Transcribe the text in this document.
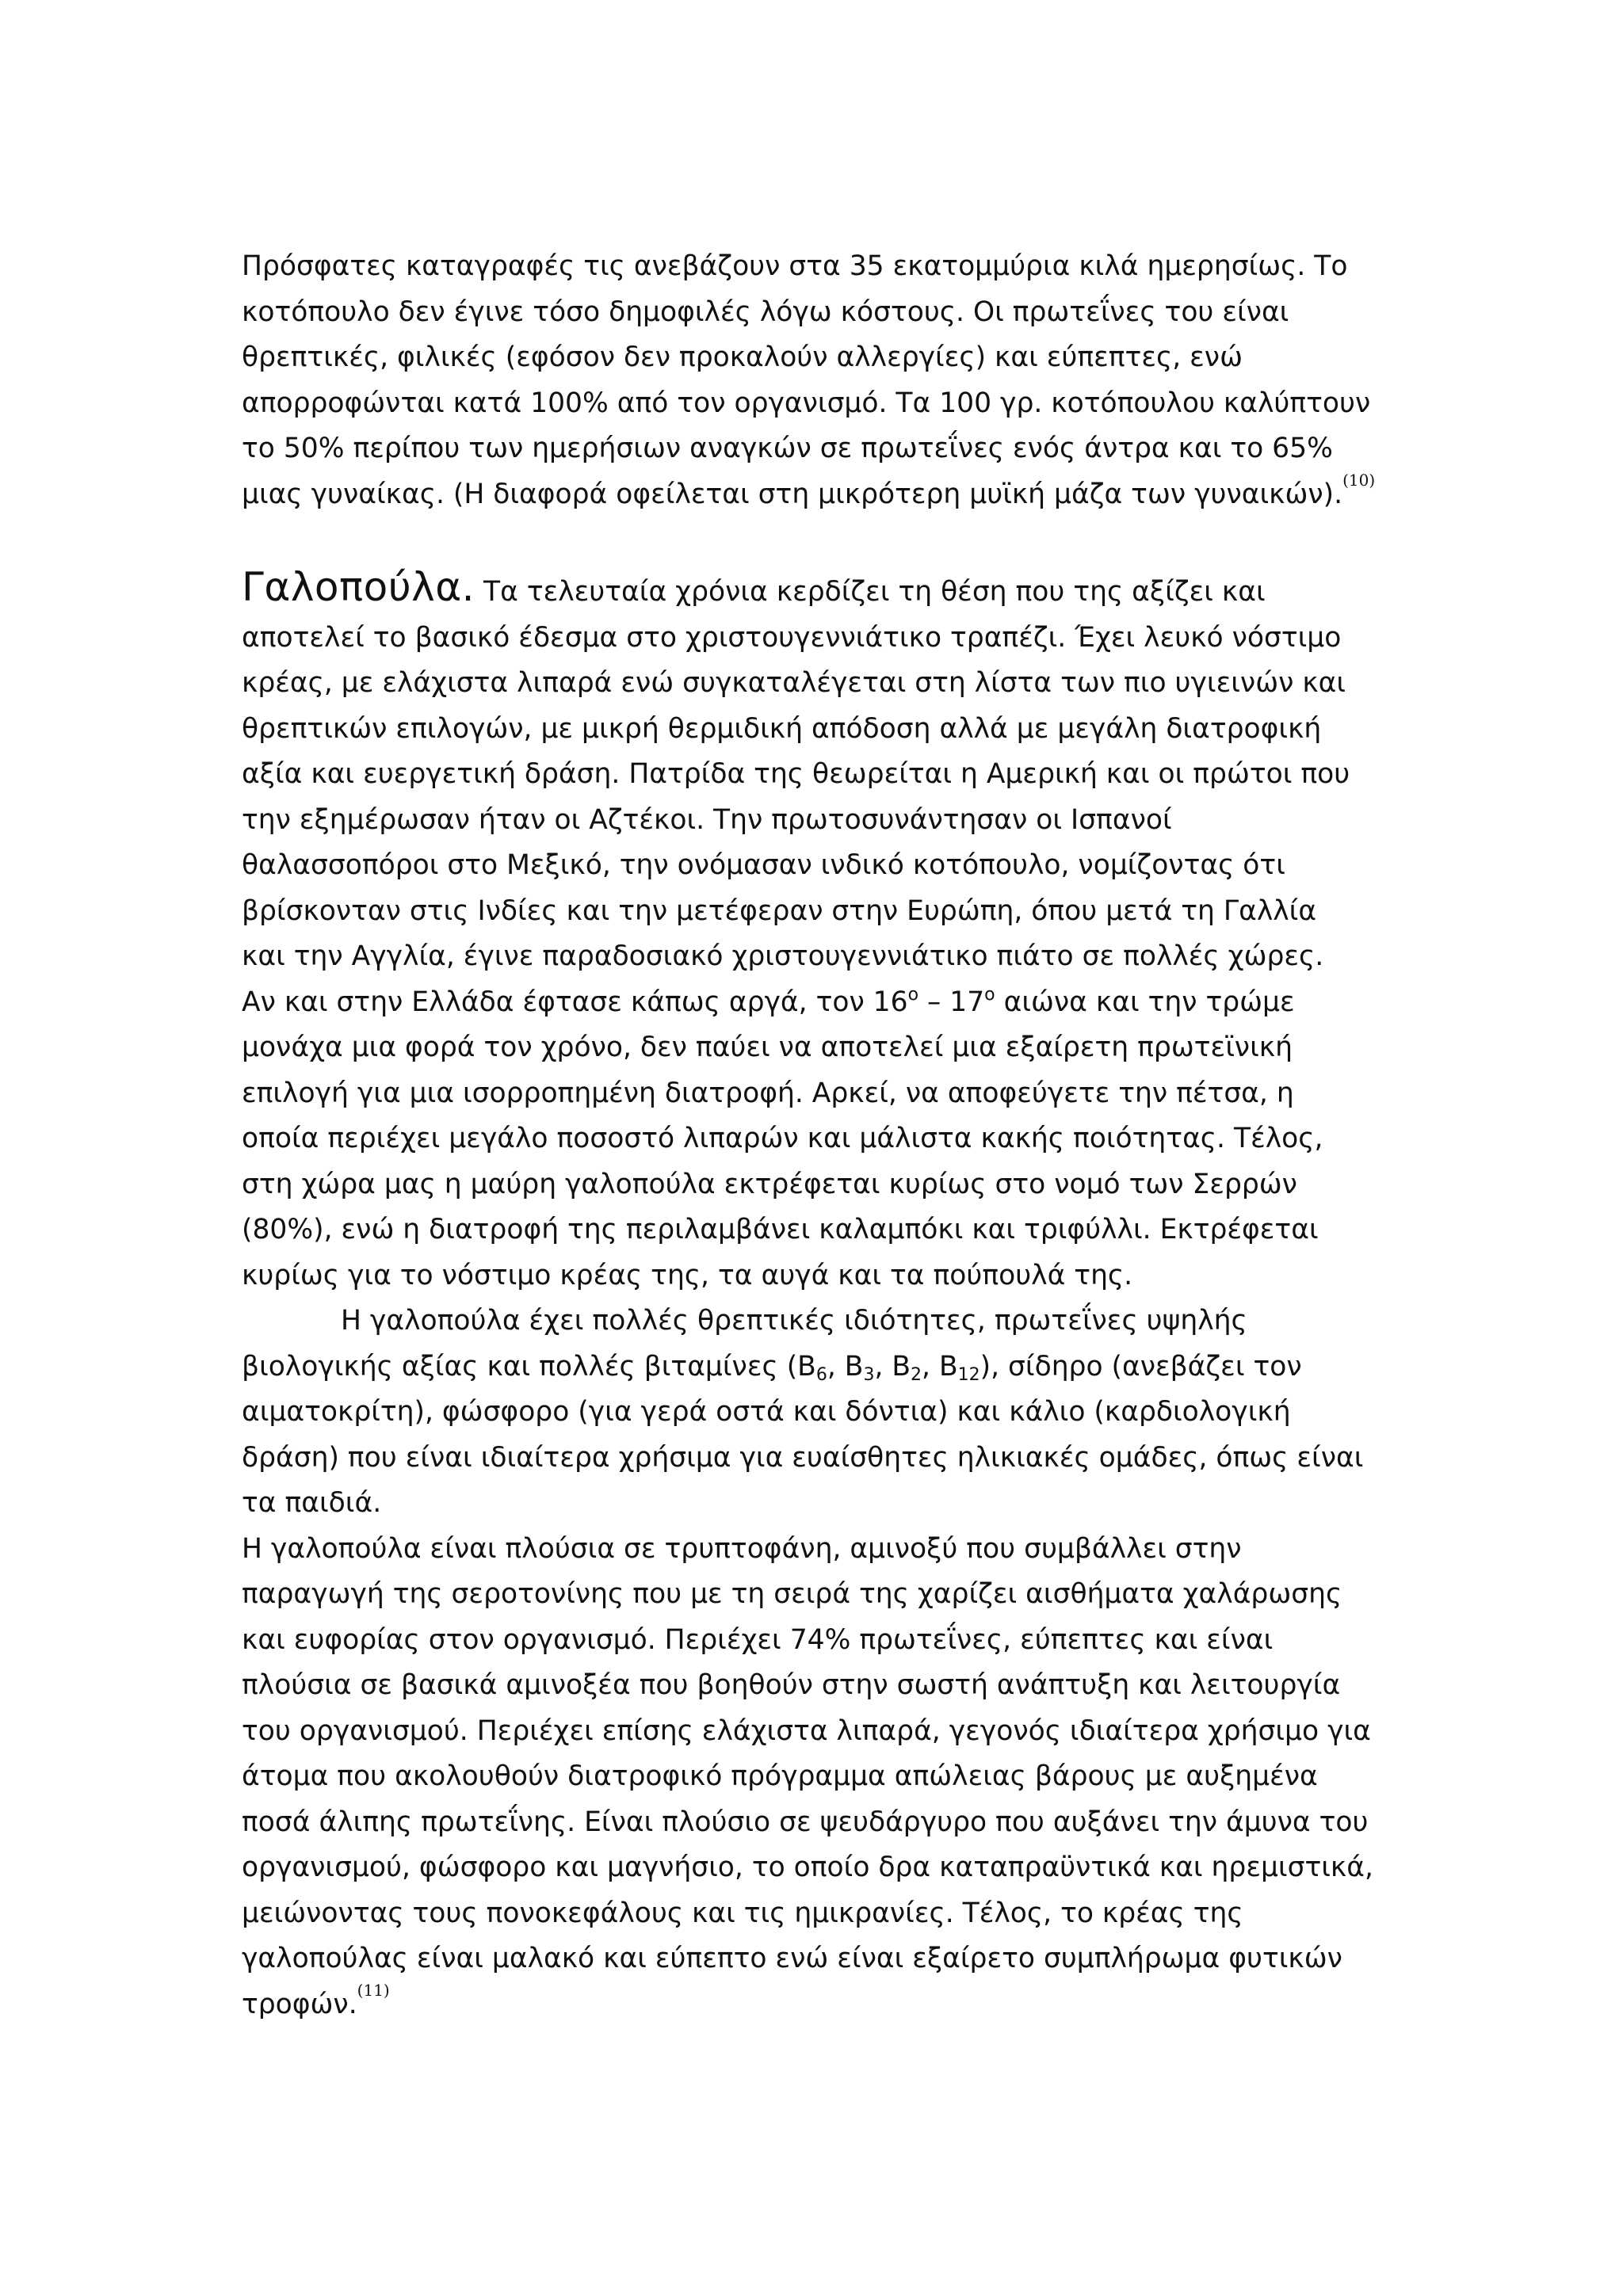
Πρόσφατες καταγραφές τις ανεβάζουν στα 35 εκατομμύρια κιλά ημερησίως. Το

κοτόπουλο δεν έγινε τόσο δημοφιλές λόγω κόστους. Οι πρωτεΐνες του είναι

θρεπτικές, φιλικές (εφόσον δεν προκαλούν αλλεργίες) και εύπεπτες, ενώ

απορροφώνται κατά 100% από τον οργανισμό. Τα 100 γρ. κοτόπουλου καλύπτουν

το 50% περίπου των ημερήσιων αναγκών σε πρωτεΐνες ενός άντρα και το 65%

μιας γυναίκας. (Η διαφορά οφείλεται στη μικρότερη μυϊκή μάζα των γυναικών).$^{(10)}$

Γαλοπούλα. Τα τελευταία χρόνια κερδίζει τη θέση που της αξίζει και

αποτελεί το βασικό έδεσμα στο χριστουγεννιάτικο τραπέζι. Έχει λευκό νόστιμο

κρέας, με ελάχιστα λιπαρά ενώ συγκαταλέγεται στη λίστα των πιο υγιεινών και

θρεπτικών επιλογών, με μικρή θερμιδική απόδοση αλλά με μεγάλη διατροφική

αξία και ευεργετική δράση. Πατρίδα της θεωρείται η Αμερική και οι πρώτοι που

την εξημέρωσαν ήταν οι Αζτέκοι. Την πρωτοσυνάντησαν οι Ισπανοί

θαλασσοπόροι στο Μεξικό, την ονόμασαν ινδικό κοτόπουλο, νομίζοντας ότι

βρίσκονταν στις Ινδίες και την μετέφεραν στην Ευρώπη, όπου μετά τη Γαλλία

και την Αγγλία, έγινε παραδοσιακό χριστουγεννιάτικο πιάτο σε πολλές χώρες.

Αν και στην Ελλάδα έφτασε κάπως αργά, τον $16^o - 17^o$ αιώνα και την τρώμε

μονάχα μια φορά τον χρόνο, δεν παύει να αποτελεί μια εξαίρετη πρωτεϊνική

επιλογή για μια ισορροπημένη διατροφή. Αρκεί, να αποφεύγετε την πέτσα, η

οποία περιέχει μεγάλο ποσοστό λιπαρών και μάλιστα κακής ποιότητας. Τέλος,

στη χώρα μας η μαύρη γαλοπούλα εκτρέφεται κυρίως στο νομό των Σερρών

(80%), ενώ η διατροφή της περιλαμβάνει καλαμπόκι και τριφύλλι. Εκτρέφεται

κυρίως για το νόστιμο κρέας της, τα αυγά και τα πούπουλά της.

Η γαλοπούλα έχει πολλές θρεπτικές ιδιότητες, πρωτεΐνες υψηλής

βιολογικής αξίας και πολλές βιταμίνες ($B_6$, $B_3$, $B_2$, $B_{12}$), σίδηρο (ανεβάζει τον

αιματοκρίτη), φώσφορο (για γερά οστά και δόντια) και κάλιο (καρδιολογική

δράση) που είναι ιδιαίτερα χρήσιμα για ευαίσθητες ηλικιακές ομάδες, όπως είναι

τα παιδιά.

Η γαλοπούλα είναι πλούσια σε τρυπτοφάνη, αμινοξύ που συμβάλλει στην

παραγωγή της σεροτονίνης που με τη σειρά της χαρίζει αισθήματα χαλάρωσης

και ευφορίας στον οργανισμό. Περιέχει 74% πρωτεΐνες, εύπεπτες και είναι

πλούσια σε βασικά αμινοξέα που βοηθούν στην σωστή ανάπτυξη και λειτουργία

του οργανισμού. Περιέχει επίσης ελάχιστα λιπαρά, γεγονός ιδιαίτερα χρήσιμο για

άτομα που ακολουθούν διατροφικό πρόγραμμα απώλειας βάρους με αυξημένα

ποσά άλιπης πρωτεΐνης. Είναι πλούσιο σε ψευδάργυρο που αυξάνει την άμυνα του

οργανισμού, φώσφορο και μαγνήσιο, το οποίο δρα καταπραϋντικά και ηρεμιστικά,

μειώνοντας τους πονοκεφάλους και τις ημικρανίες. Τέλος, το κρέας της

γαλοπούλας είναι μαλακό και εύπεπτο ενώ είναι εξαίρετο συμπλήρωμα φυτικών

τροφών.$^{(11)}$
